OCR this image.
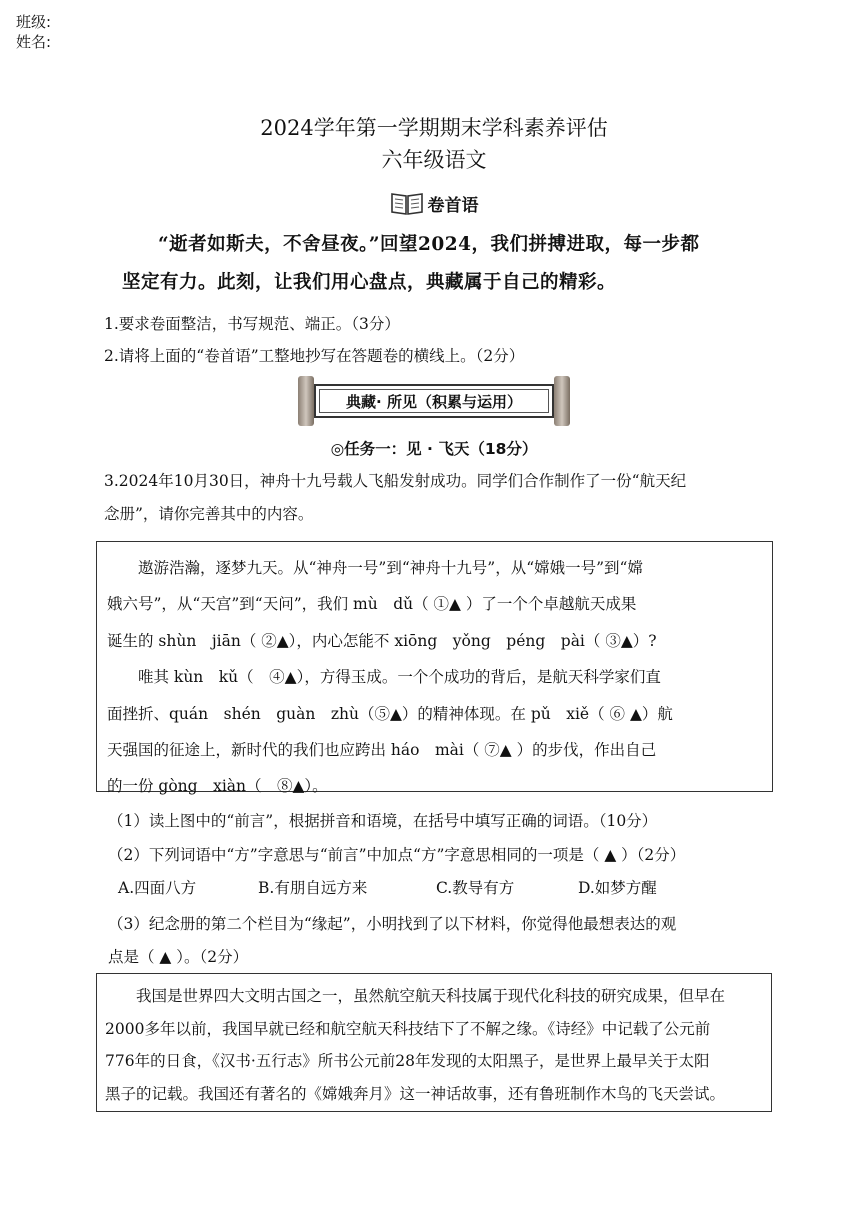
班级:
姓名:
2024学年第一学期期末学科素养评估
六年级语文
卷首语
“逝者如斯夫，不舍昼夜。”回望2024，我们拼搏进取，每一步都
坚定有力。此刻，让我们用心盘点，典藏属于自己的精彩。
1.要求卷面整洁，书写规范、端正。（3分）
2.请将上面的“卷首语”工整地抄写在答题卷的横线上。（2分）
典藏· 所见（积累与运用）
◎任务一：见 · 飞天（18分）
3.2024年10月30日，神舟十九号载人飞船发射成功。同学们合作制作了一份“航天纪
念册”，请你完善其中的内容。

遨游浩瀚，逐梦九天。从“神舟一号”到“神舟十九号”，从“嫦娥一号”到“嫦

娥六号”，从“天宫”到“天问”，我们 mù　dǔ（ ①▲ ）了一个个卓越航天成果

诞生的 shùn　jiān（ ②▲），内心怎能不 xiōng　yǒng　péng　pài（ ③▲）?

唯其 kùn　kǔ（　④▲），方得玉成。一个个成功的背后，是航天科学家们直

面挫折、quán　shén　guàn　zhù（⑤▲）的精神体现。在 pǔ　xiě（ ⑥ ▲）航

天强国的征途上，新时代的我们也应跨出 háo　mài（ ⑦▲ ）的步伐，作出自己

的一份 gòng　xiàn（　⑧▲）。

（1）读上图中的“前言”，根据拼音和语境，在括号中填写正确的词语。（10分）
（2）下列词语中“方”字意思与“前言”中加点“方”字意思相同的一项是（ ▲ ）（2分）
A.四面八方	B.有朋自远方来	C.教导有方	D.如梦方醒
（3）纪念册的第二个栏目为“缘起”，小明找到了以下材料，你觉得他最想表达的观
点是（ ▲ ）。（2分）
我国是世界四大文明古国之一，虽然航空航天科技属于现代化科技的研究成果，但早在
2000多年以前，我国早就已经和航空航天科技结下了不解之缘。《诗经》中记载了公元前
776年的日食，《汉书·五行志》所书公元前28年发现的太阳黑子，是世界上最早关于太阳
黑子的记载。我国还有著名的《嫦娥奔月》这一神话故事，还有鲁班制作木鸟的飞天尝试。
